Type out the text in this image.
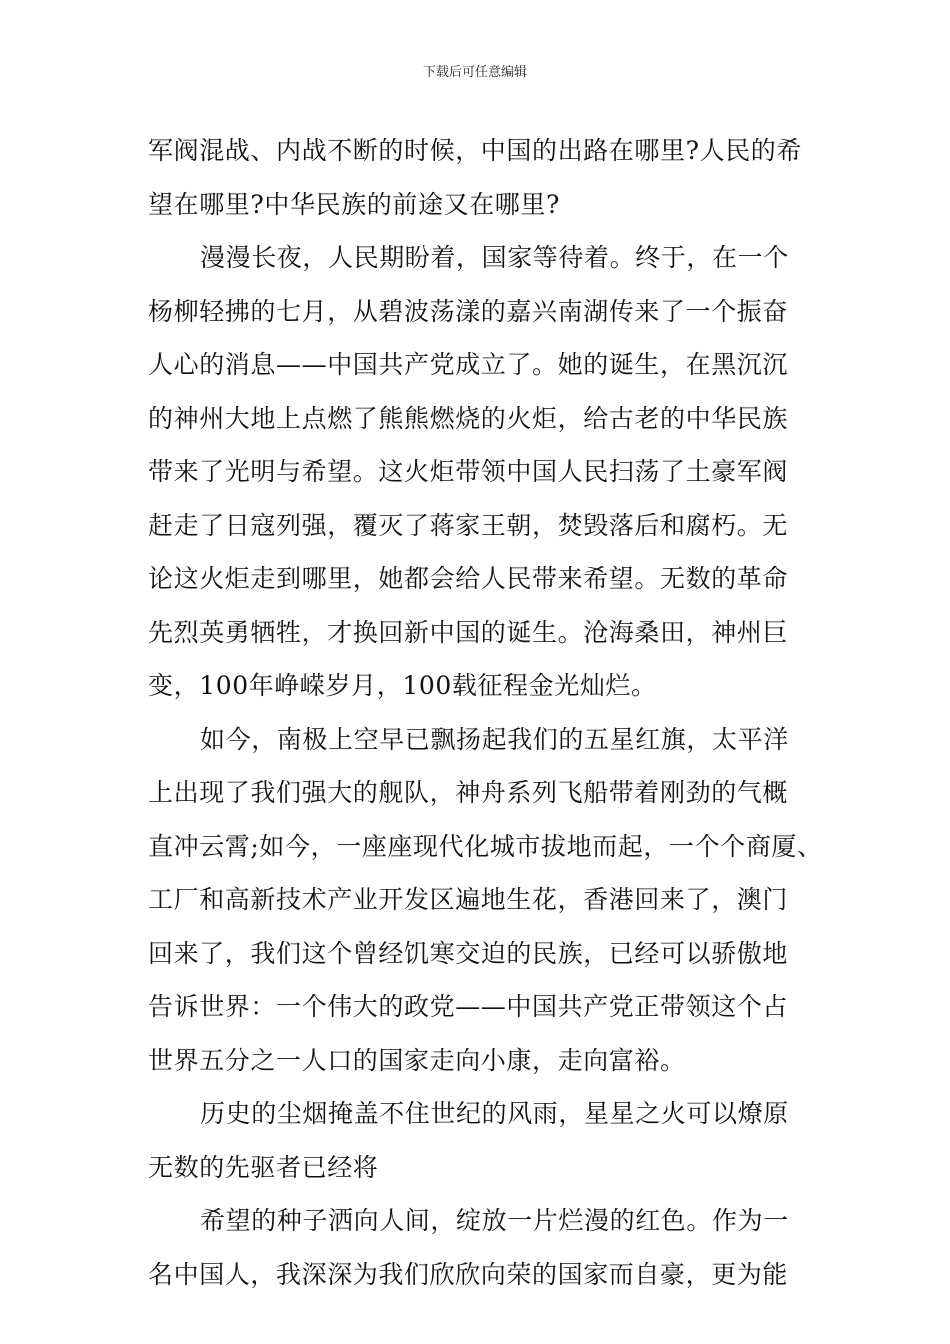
下载后可任意编辑
军阀混战、内战不断的时候，中国的出路在哪里?人民的希
望在哪里?中华民族的前途又在哪里?
漫漫长夜，人民期盼着，国家等待着。终于，在一个
杨柳轻拂的七月，从碧波荡漾的嘉兴南湖传来了一个振奋
人心的消息——中国共产党成立了。她的诞生，在黑沉沉
的神州大地上点燃了熊熊燃烧的火炬，给古老的中华民族
带来了光明与希望。这火炬带领中国人民扫荡了土豪军阀
赶走了日寇列强，覆灭了蒋家王朝，焚毁落后和腐朽。无
论这火炬走到哪里，她都会给人民带来希望。无数的革命
先烈英勇牺牲，才换回新中国的诞生。沧海桑田，神州巨
变，100年峥嵘岁月，100载征程金光灿烂。
如今，南极上空早已飘扬起我们的五星红旗，太平洋
上出现了我们强大的舰队，神舟系列飞船带着刚劲的气概
直冲云霄;如今，一座座现代化城市拔地而起，一个个商厦、
工厂和高新技术产业开发区遍地生花，香港回来了，澳门
回来了，我们这个曾经饥寒交迫的民族，已经可以骄傲地
告诉世界：一个伟大的政党——中国共产党正带领这个占
世界五分之一人口的国家走向小康，走向富裕。
历史的尘烟掩盖不住世纪的风雨，星星之火可以燎原
无数的先驱者已经将
希望的种子洒向人间，绽放一片烂漫的红色。作为一
名中国人，我深深为我们欣欣向荣的国家而自豪，更为能
